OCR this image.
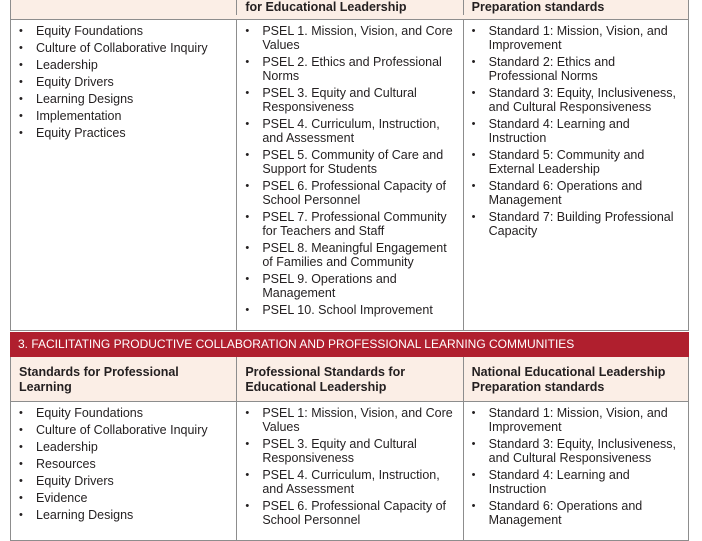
for Educational Leadership	Preparation standards
• Equity Foundations
• Culture of Collaborative Inquiry
• Leadership
• Equity Drivers
• Learning Designs
• Implementation
• Equity Practices
• PSEL 1. Mission, Vision, and Core Values
• PSEL 2. Ethics and Professional Norms
• PSEL 3. Equity and Cultural Responsiveness
• PSEL 4. Curriculum, Instruction, and Assessment
• PSEL 5. Community of Care and Support for Students
• PSEL 6. Professional Capacity of School Personnel
• PSEL 7. Professional Community for Teachers and Staff
• PSEL 8. Meaningful Engagement of Families and Community
• PSEL 9. Operations and Management
• PSEL 10. School Improvement
• Standard 1: Mission, Vision, and Improvement
• Standard 2: Ethics and Professional Norms
• Standard 3: Equity, Inclusiveness, and Cultural Responsiveness
• Standard 4: Learning and Instruction
• Standard 5: Community and External Leadership
• Standard 6: Operations and Management
• Standard 7: Building Professional Capacity
3. FACILITATING PRODUCTIVE COLLABORATION AND PROFESSIONAL LEARNING COMMUNITIES
Standards for Professional Learning
Professional Standards for Educational Leadership
National Educational Leadership Preparation standards
• Equity Foundations
• Culture of Collaborative Inquiry
• Leadership
• Resources
• Equity Drivers
• Evidence
• Learning Designs
• PSEL 1: Mission, Vision, and Core Values
• PSEL 3. Equity and Cultural Responsiveness
• PSEL 4. Curriculum, Instruction, and Assessment
• PSEL 6. Professional Capacity of School Personnel
• Standard 1: Mission, Vision, and Improvement
• Standard 3: Equity, Inclusiveness, and Cultural Responsiveness
• Standard 4: Learning and Instruction
• Standard 6: Operations and Management
